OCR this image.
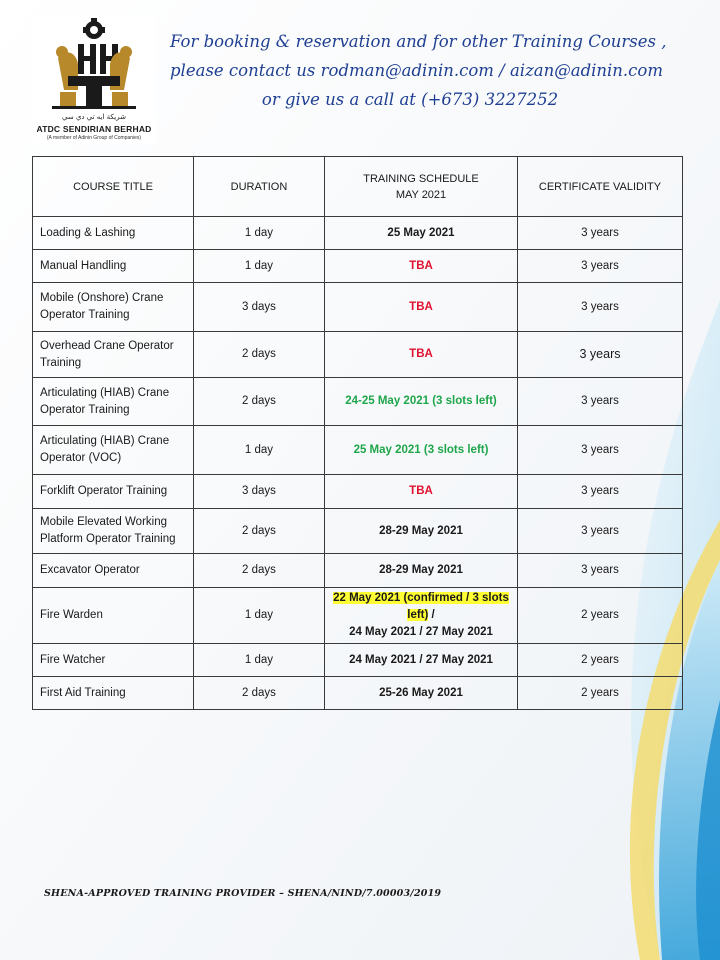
شريكة ايه تي دي سي
ATDC SENDIRIAN BERHAD
(A member of Adinin Group of Companies)
For booking & reservation and for other Training Courses ,
please contact us rodman@adinin.com / aizan@adinin.com
or give us a call at (+673) 3227252
COURSE TITLE	DURATION	TRAINING SCHEDULE
MAY 2021	CERTIFICATE VALIDITY
Loading & Lashing	1 day	25 May 2021	3 years
Manual Handling	1 day	TBA	3 years

Mobile (Onshore) Crane
Operator Training	3 days	TBA	3 years

Overhead Crane Operator
Training	2 days	TBA	3 years

Articulating (HIAB) Crane
Operator Training	2 days	24-25 May 2021 (3 slots left)	3 years

Articulating (HIAB) Crane
Operator (VOC)	1 day	25 May 2021 (3 slots left)	3 years
Forklift Operator Training	3 days	TBA	3 years

Mobile Elevated Working
Platform Operator Training	2 days	28-29 May 2021	3 years
Excavator Operator	2 days	28-29 May 2021	3 years
Fire Warden	1 day	22 May 2021 (confirmed / 3 slots
left) /
24 May 2021 / 27 May 2021	2 years
Fire Watcher	1 day	24 May 2021 / 27 May 2021	2 years
First Aid Training	2 days	25-26 May 2021	2 years
SHENA-APPROVED TRAINING PROVIDER – SHENA/NIND/7.00003/2019
